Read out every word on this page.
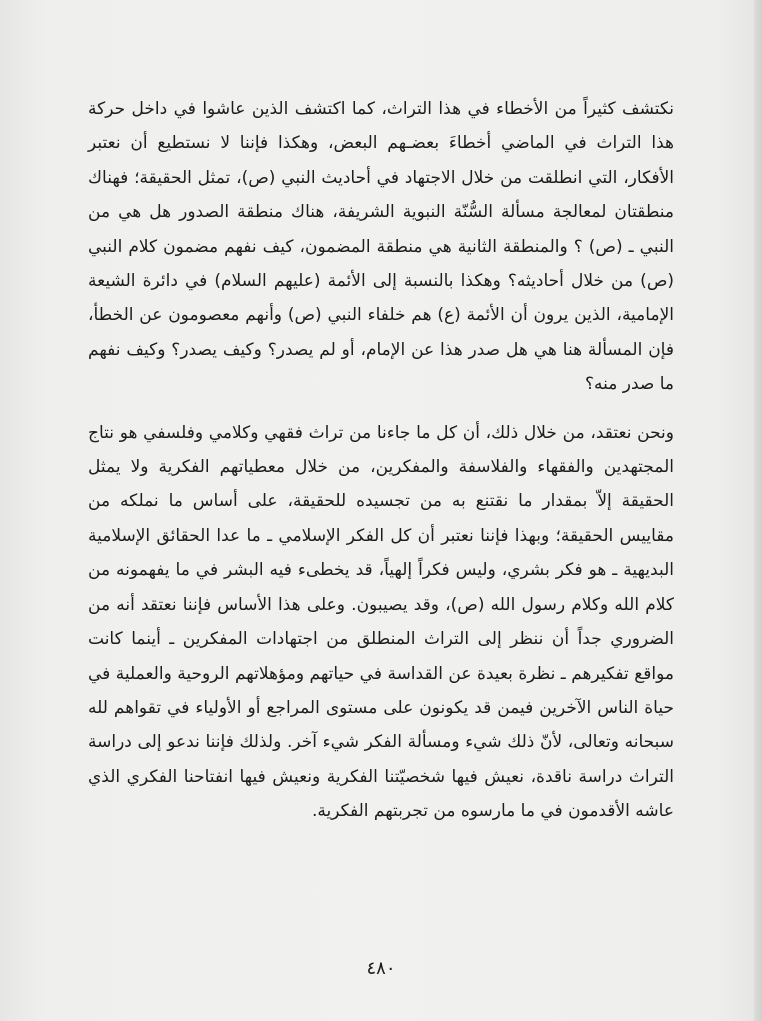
نكتشف كثيراً من الأخطاء في هذا التراث، كما اكتشف الذين عاشوا في داخل حركة هذا التراث في الماضي أخطاءَ بعضـهم البعض، وهكذا فإننا لا نستطيع أن نعتبر الأفكار، التي انطلقت من خلال الاجتهاد في أحاديث النبي (ص)، تمثل الحقيقة؛ فهناك منطقتان لمعالجة مسألة السُّنّة النبوية الشريفة، هناك منطقة الصدور هل هي من النبي ـ (ص) ؟ والمنطقة الثانية هي منطقة المضمون، كيف نفهم مضمون كلام النبي (ص) من خلال أحاديثه؟ وهكذا بالنسبة إلى الأئمة (عليهم السلام) في دائرة الشيعة الإمامية، الذين يرون أن الأئمة (ع) هم خلفاء النبي (ص) وأنهم معصومون عن الخطأ، فإن المسألة هنا هي هل صدر هذا عن الإمام، أو لم يصدر؟ وكيف يصدر؟ وكيف نفهم ما صدر منه؟

ونحن نعتقد، من خلال ذلك، أن كل ما جاءنا من تراث فقهي وكلامي وفلسفي هو نتاج المجتهدين والفقهاء والفلاسفة والمفكرين، من خلال معطياتهم الفكرية ولا يمثل الحقيقة إلاّ بمقدار ما نقتنع به من تجسيده للحقيقة، على أساس ما نملكه من مقاييس الحقيقة؛ وبهذا فإننا نعتبر أن كل الفكر الإسلامي ـ ما عدا الحقائق الإسلامية البديهية ـ هو فكر بشري، وليس فكراً إلهياً، قد يخطىء فيه البشر في ما يفهمونه من كلام الله وكلام رسول الله (ص)، وقد يصيبون. وعلى هذا الأساس فإننا نعتقد أنه من الضروري جداً أن ننظر إلى التراث المنطلق من اجتهادات المفكرين ـ أينما كانت مواقع تفكيرهم ـ نظرة بعيدة عن القداسة في حياتهم ومؤهلاتهم الروحية والعملية في حياة الناس الآخرين فيمن قد يكونون على مستوى المراجع أو الأولياء في تقواهم لله سبحانه وتعالى، لأنّ ذلك شيء ومسألة الفكر شيء آخر. ولذلك فإننا ندعو إلى دراسة التراث دراسة ناقدة، نعيش فيها شخصيّتنا الفكرية ونعيش فيها انفتاحنا الفكري الذي عاشه الأقدمون في ما مارسوه من تجربتهم الفكرية.

٤٨٠
